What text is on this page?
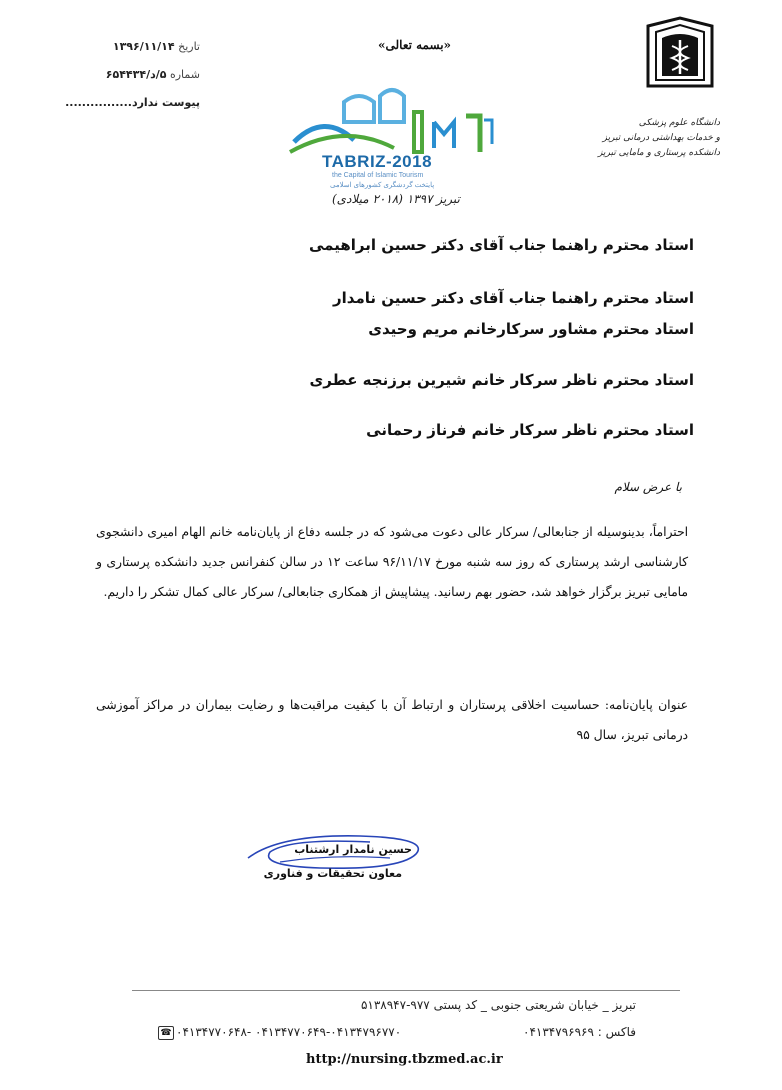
دانشگاه علوم پزشکی
و خدمات بهداشتی درمانی تبریز
دانشکده پرستاری و مامایی تبریز
«بسمه تعالی»
تاریخ ۱۳۹۶/۱۱/۱۴
شماره ۵/د/۶۵۴۴۳۴
پیوست ندارد................
TABRIZ-2018
the Capital of Islamic Tourism
پایتخت گردشگری کشورهای اسلامی
تبریز ۱۳۹۷ (۲۰۱۸ میلادی)
استاد محترم راهنما جناب آقای دکتر حسین ابراهیمی
استاد محترم راهنما جناب آقای دکتر حسین نامدار
استاد محترم مشاور سرکارخانم مریم وحیدی
استاد محترم ناظر سرکار خانم شیرین برزنجه عطری
استاد محترم ناظر سرکار خانم فرناز رحمانی
با عرض سلام
احتراماً، بدینوسیله از جنابعالی/ سرکار عالی دعوت می‌شود که در جلسه دفاع از پایان‌نامه خانم الهام امیری دانشجوی کارشناسی ارشد پرستاری که روز سه شنبه مورخ ۹۶/۱۱/۱۷ ساعت ۱۲ در سالن کنفرانس جدید دانشکده پرستاری و مامایی تبریز برگزار خواهد شد، حضور بهم رسانید. پیشاپیش از همکاری جنابعالی/ سرکار عالی کمال تشکر را داریم.
عنوان پایان‌نامه: حساسیت اخلاقی پرستاران و ارتباط آن با کیفیت مراقبت‌ها و رضایت بیماران در مراکز آموزشی درمانی تبریز، سال ۹۵
حسین نامدار ارشتناب
معاون تحقیقات و فناوری
تبریز _ خیابان شریعتی جنوبی _ کد پستی ۹۷۷-۵۱۳۸۹۴۷
فاکس : ۰۴۱۳۴۷۹۶۹۶۹
☎ ۰۴۱۳۴۷۷۰۶۴۸- ۰۴۱۳۴۷۷۰۶۴۹-۰۴۱۳۴۷۹۶۷۷۰
http://nursing.tbzmed.ac.ir
